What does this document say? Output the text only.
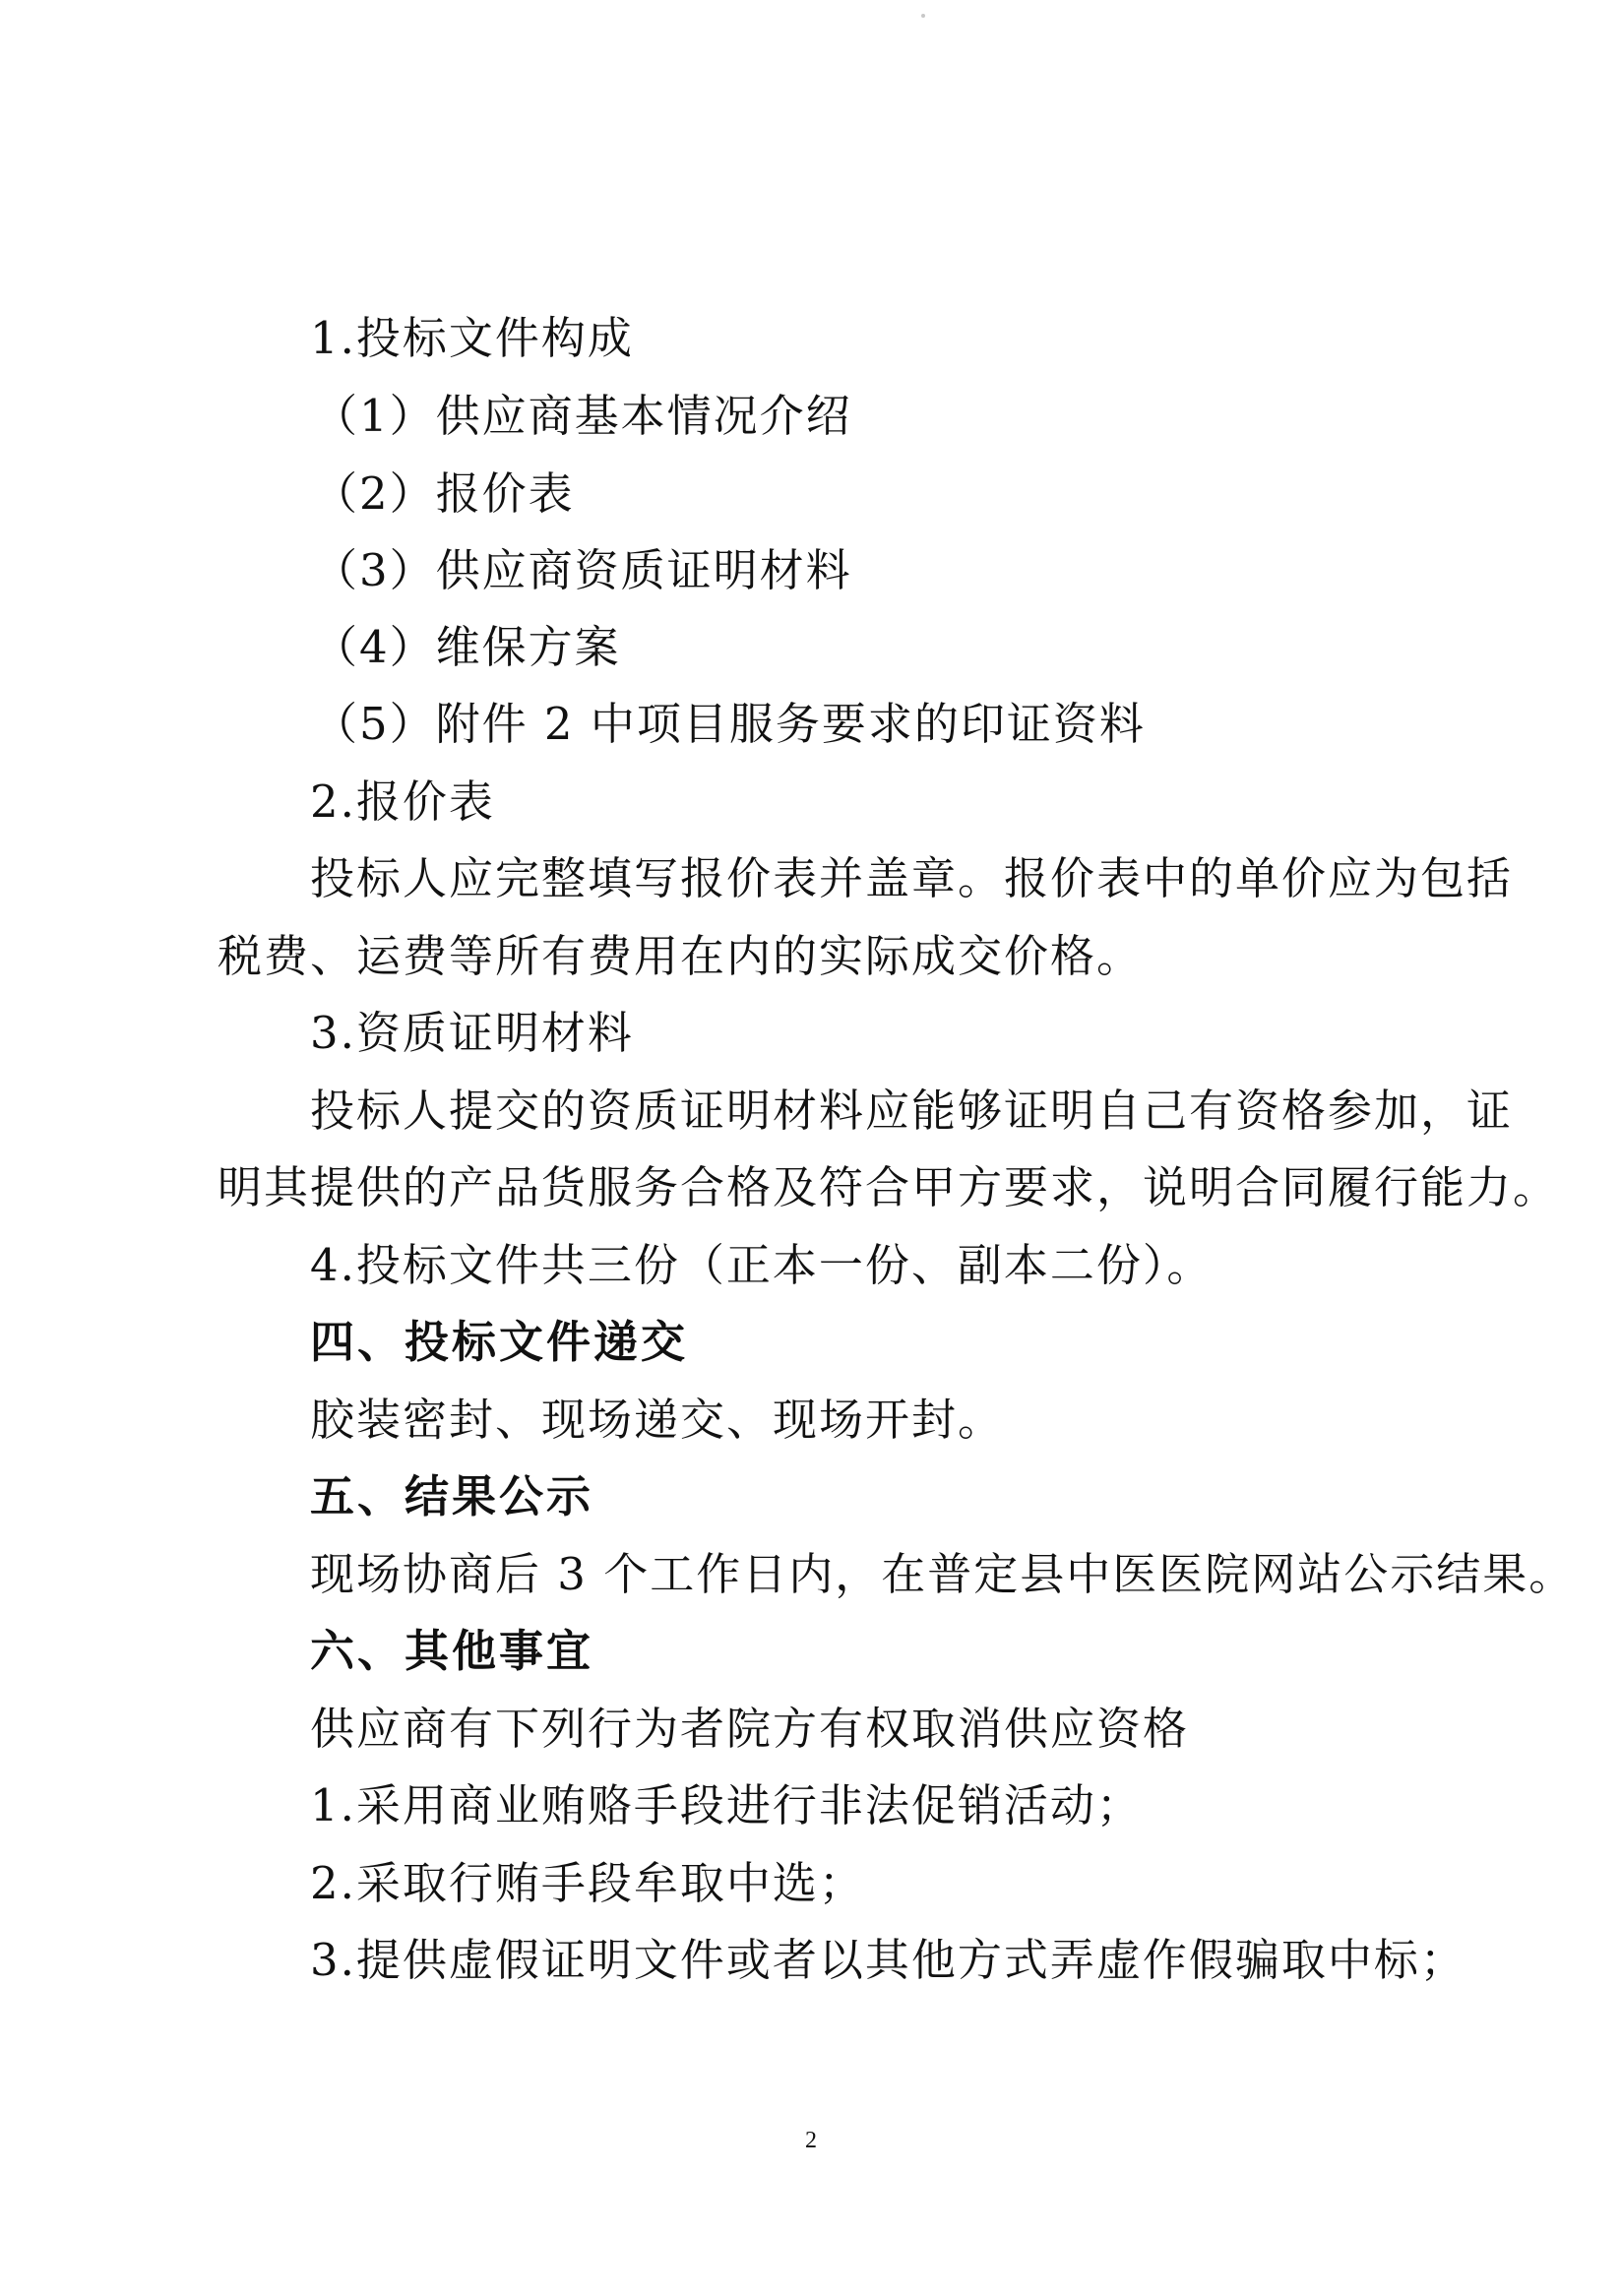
1.投标文件构成
（1）供应商基本情况介绍
（2）报价表
（3）供应商资质证明材料
（4）维保方案
（5）附件 2 中项目服务要求的印证资料
2.报价表
投标人应完整填写报价表并盖章。报价表中的单价应为包括
税费、运费等所有费用在内的实际成交价格。
3.资质证明材料
投标人提交的资质证明材料应能够证明自己有资格参加，证
明其提供的产品货服务合格及符合甲方要求，说明合同履行能力。
4.投标文件共三份（正本一份、副本二份）。
四、投标文件递交
胶装密封、现场递交、现场开封。
五、结果公示
现场协商后 3 个工作日内，在普定县中医医院网站公示结果。
六、其他事宜
供应商有下列行为者院方有权取消供应资格
1.采用商业贿赂手段进行非法促销活动；
2.采取行贿手段牟取中选；
3.提供虚假证明文件或者以其他方式弄虚作假骗取中标；
2
